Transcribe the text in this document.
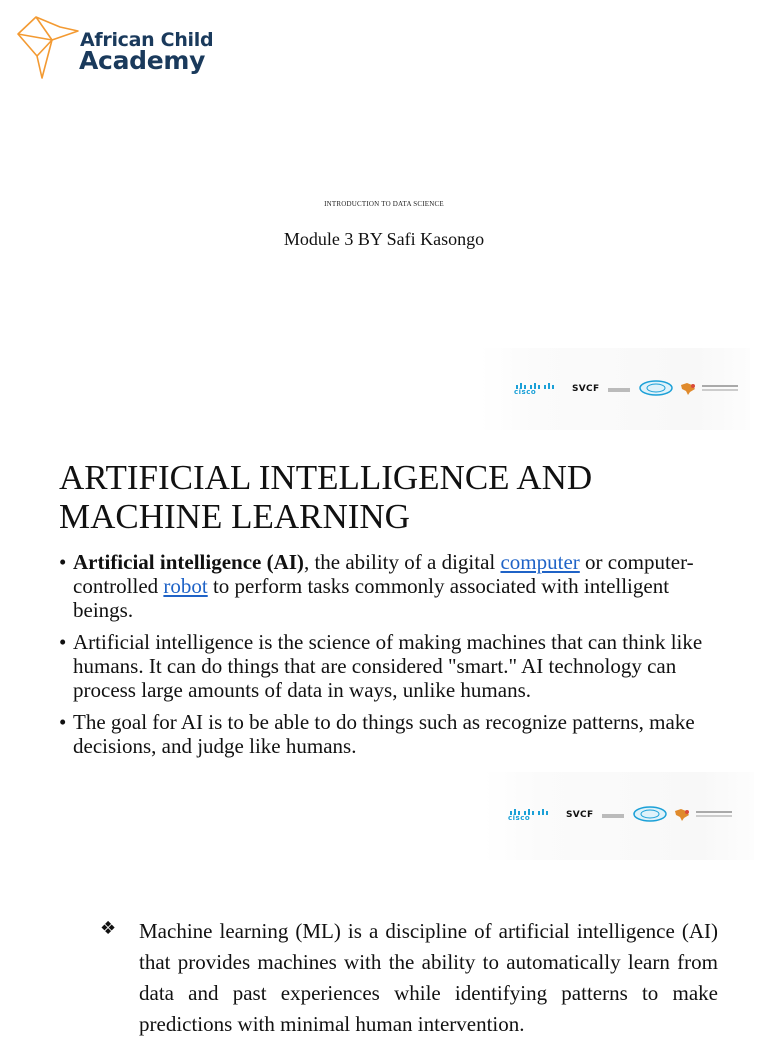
African Child

Academy

INTRODUCTION TO DATA SCIENCE

Module 3 BY Safi Kasongo

cisco	SVCF
ARTIFICIAL INTELLIGENCE AND MACHINE LEARNING
• Artificial intelligence (AI), the ability of a digital computer or computer-controlled robot to perform tasks commonly associated with intelligent beings.
• Artificial intelligence is the science of making machines that can think like humans. It can do things that are considered "smart." AI technology can process large amounts of data in ways, unlike humans.
• The goal for AI is to be able to do things such as recognize patterns, make decisions, and judge like humans.
cisco	SVCF
❖ Machine learning (ML) is a discipline of artificial intelligence (AI) that provides machines with the ability to automatically learn from data and past experiences while identifying patterns to make predictions with minimal human intervention.
